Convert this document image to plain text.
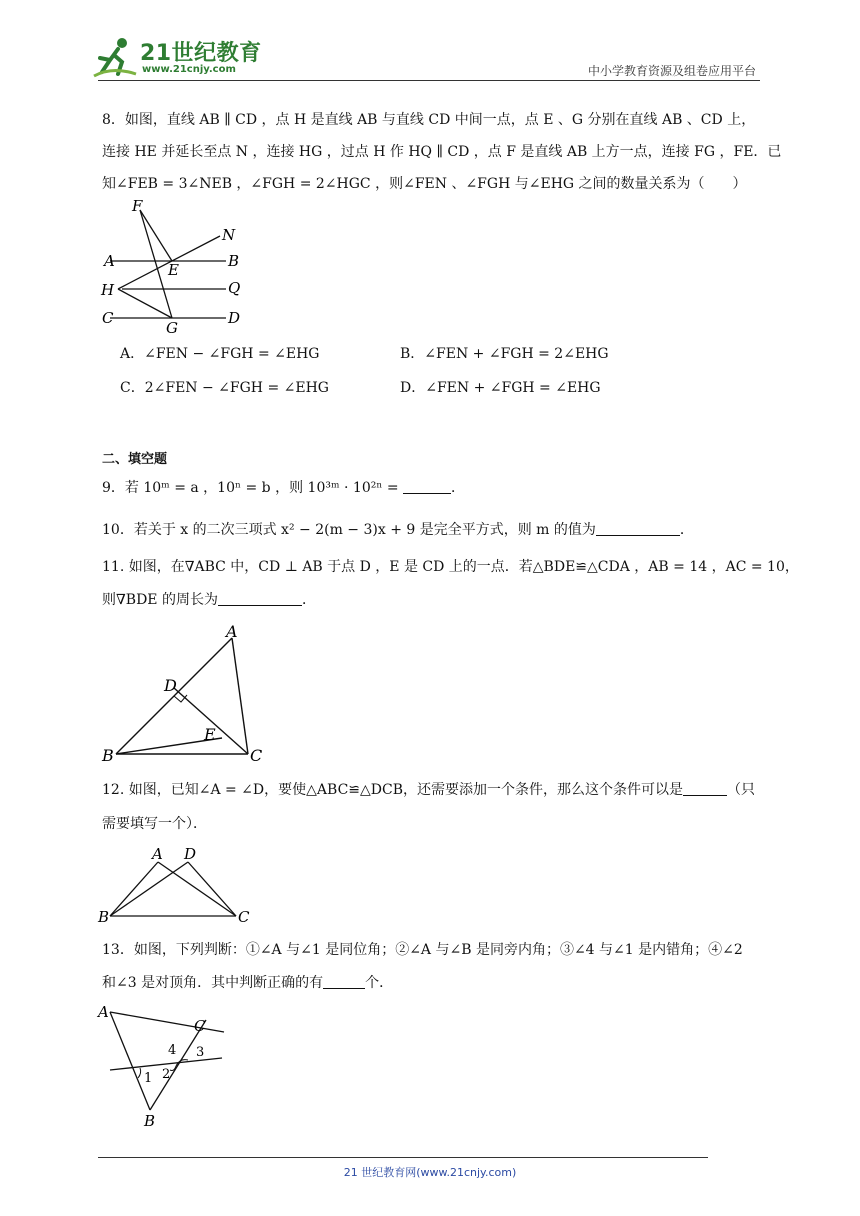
21世纪教育
www.21cnjy.com	中小学教育资源及组卷应用平台
8．如图，直线 AB ∥ CD ，点 H 是直线 AB 与直线 CD 中间一点，点 E 、G 分别在直线 AB 、CD 上，
连接 HE 并延长至点 N ，连接 HG ，过点 H 作 HQ ∥ CD ，点 F 是直线 AB 上方一点，连接 FG ，FE．已
知∠FEB = 3∠NEB ，∠FGH = 2∠HGC ，则∠FEN 、∠FGH 与∠EHG 之间的数量关系为（　　）
F
N
A	E	B
H	Q
C
G
D
A．∠FEN − ∠FGH = ∠EHG	B．∠FEN + ∠FGH = 2∠EHG
C．2∠FEN − ∠FGH = ∠EHG	D．∠FEN + ∠FGH = ∠EHG
二、填空题
9．若 10ᵐ = a ，10ⁿ = b ，则 10³ᵐ · 10²ⁿ =	．
10．若关于 x 的二次三项式 x² − 2(m − 3)x + 9 是完全平方式，则 m 的值为	．
11. 如图，在∇ABC 中，CD ⊥ AB 于点 D ，E 是 CD 上的一点．若△BDE≌△CDA ，AB = 14 ，AC = 10，
则∇BDE 的周长为	．
A
D
E
B	C
12. 如图，已知∠A = ∠D，要使△ABC≌△DCB，还需要添加一个条件，那么这个条件可以是	（只
需要填写一个）．
A D
B	C
13．如图，下列判断：①∠A 与∠1 是同位角；②∠A 与∠B 是同旁内角；③∠4 与∠1 是内错角；④∠2
和∠3 是对顶角．其中判断正确的有	个．
A
C
4 3
1 2
B
21 世纪教育网(www.21cnjy.com)
